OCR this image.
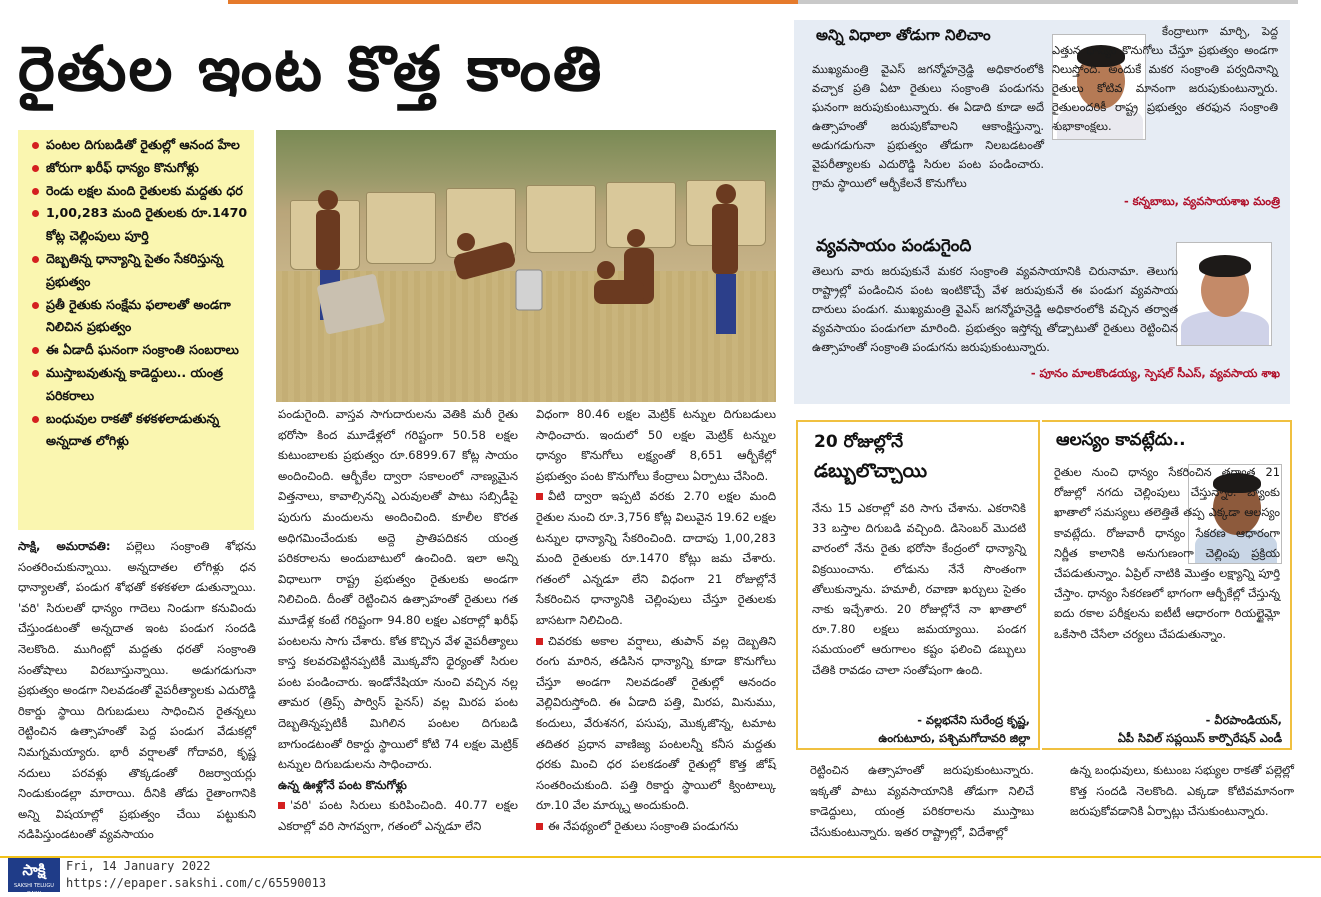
రైతుల ఇంట కొత్త కాంతి
పంటల దిగుబడితో రైతుల్లో ఆనంద హేల
జోరుగా ఖరీఫ్ ధాన్యం కొనుగోళ్లు
రెండు లక్షల మంది రైతులకు మద్దతు ధర
1,00,283 మంది రైతులకు రూ.1470 కోట్ల చెల్లింపులు పూర్తి
దెబ్బతిన్న ధాన్యాన్ని సైతం సేకరిస్తున్న ప్రభుత్వం
ప్రతీ రైతుకు సంక్షేమ ఫలాలతో అండగా నిలిచిన ప్రభుత్వం
ఈ ఏడాదీ ఘనంగా సంక్రాంతి సంబరాలు
ముస్తాబవుతున్న కాడెద్దులు.. యంత్ర పరికరాలు
బంధువుల రాకతో కళకళలాడుతున్న అన్నదాత లోగిళ్లు

సాక్షి, అమరావతి: పల్లెలు సంక్రాంతి శోభను సంతరించుకున్నాయి. అన్నదాతల లోగిళ్లు ధన ధాన్యాలతో, పండుగ శోభతో కళకళలా డుతున్నాయి. 'వరి' సిరులతో ధాన్యం గాదెలు నిండుగా కనువిందు చేస్తుండటంతో అన్నదాత ఇంట పండుగ సందడి నెలకొంది. ముగింట్లో మద్దతు ధరతో సంక్రాంతి సంతోషాలు విరబూస్తున్నాయి. అడుగడుగునా ప్రభుత్వం అండగా నిలవడంతో వైపరీత్యాలకు ఎదురొడ్డి రికార్డు స్థాయి దిగుబడులు సాధించిన రైతన్నలు రెట్టించిన ఉత్సాహంతో పెద్ద పండుగ వేడుకల్లో నిమగ్నమయ్యారు. భారీ వర్షాలతో గోదావరి, కృష్ణ నదులు పరవళ్లు తొక్కడంతో రిజర్వాయర్లు నిండుకుండల్లా మారాయి. దీనికి తోడు రైతాంగానికి అన్ని విషయాల్లో ప్రభుత్వం చేయి పట్టుకుని నడిపిస్తుండటంతో వ్యవసాయం

పండుగైంది. వాస్తవ సాగుదారులను వెతికి మరీ రైతు భరోసా కింద మూడేళ్లలో గరిష్టంగా 50.58 లక్షల కుటుంబాలకు ప్రభుత్వం రూ.6899.67 కోట్ల సాయం అందించింది. ఆర్బీకేల ద్వారా సకాలంలో నాణ్యమైన విత్తనాలు, కావాల్సినన్ని ఎరువులతో పాటు సబ్సిడీపై పురుగు మందులను అందించింది. కూలీల కొరత అధిగమించేందుకు అద్దె ప్రాతిపదికన యంత్ర పరికరాలను అందుబాటులో ఉంచింది. ఇలా అన్ని విధాలుగా రాష్ట్ర ప్రభుత్వం రైతులకు అండగా నిలిచింది. దీంతో రెట్టించిన ఉత్సాహంతో రైతులు గత మూడేళ్ల కంటే గరిష్టంగా 94.80 లక్షల ఎకరాల్లో ఖరీఫ్ పంటలను సాగు చేశారు. కోత కొచ్చిన వేళ వైపరీత్యాలు కాస్త కలవరపెట్టినప్పటికీ మొక్కవోని ధైర్యంతో సిరుల పంట పండించారు. ఇండోనేషియా నుంచి వచ్చిన నల్ల తామర (త్రిప్స్ పార్విస్ పైనస్) వల్ల మిరప పంట దెబ్బతిన్నప్పటికీ మిగిలిన పంటల దిగుబడి బాగుండటంతో రికార్డు స్థాయిలో కోటి 74 లక్షల మెట్రిక్ టన్నుల దిగుబడులను సాధించారు.

ఉన్న ఊళ్లోనే పంట కొనుగోళ్లు

'వరి' పంట సిరులు కురిపించింది. 40.77 లక్షల ఎకరాల్లో వరి సాగవ్వగా, గతంలో ఎన్నడూ లేని

విధంగా 80.46 లక్షల మెట్రిక్ టన్నుల దిగుబడులు సాధించారు. ఇందులో 50 లక్షల మెట్రిక్ టన్నుల ధాన్యం కొనుగోలు లక్ష్యంతో 8,651 ఆర్బీకేల్లో ప్రభుత్వం పంట కొనుగోలు కేంద్రాలు ఏర్పాటు చేసింది.

వీటి ద్వారా ఇప్పటి వరకు 2.70 లక్షల మంది రైతుల నుంచి రూ.3,756 కోట్ల విలువైన 19.62 లక్షల టన్నుల ధాన్యాన్ని సేకరించింది. దాదాపు 1,00,283 మంది రైతులకు రూ.1470 కోట్లు జమ చేశారు. గతంలో ఎన్నడూ లేని విధంగా 21 రోజుల్లోనే సేకరించిన ధాన్యానికి చెల్లింపులు చేస్తూ రైతులకు బాసటగా నిలిచింది.

చివరకు అకాల వర్షాలు, తుపాన్ వల్ల దెబ్బతిని రంగు మారిన, తడిసిన ధాన్యాన్ని కూడా కొనుగోలు చేస్తూ అండగా నిలవడంతో రైతుల్లో ఆనందం వెల్లివిరుస్తోంది. ఈ ఏడాది పత్తి, మిరప, మినుము, కందులు, వేరుశనగ, పసుపు, మొక్కజొన్న, టమాట తదితర ప్రధాన వాణిజ్య పంటలన్నీ కనీస మద్దతు ధరకు మించి ధర పలకడంతో రైతుల్లో కొత్త జోష్ సంతరించుకుంది. పత్తి రికార్డు స్థాయిలో క్వింటాల్కు రూ.10 వేల మార్క్ను అందుకుంది.

ఈ నేపథ్యంలో రైతులు సంక్రాంతి పండుగను

అన్ని విధాలా తోడుగా నిలిచాం

ముఖ్యమంత్రి వైఎస్ జగన్మోహన్రెడ్డి అధికారంలోకి వచ్చాక ప్రతి ఏటా రైతులు సంక్రాంతి పండుగను ఘనంగా జరుపుకుంటున్నారు. ఈ ఏడాది కూడా అదే ఉత్సాహంతో జరుపుకోవాలని ఆకాంక్షిస్తున్నా. అడుగడుగునా ప్రభుత్వం తోడుగా నిలబడటంతో వైపరీత్యాలకు ఎదురొడ్డి సిరుల పంట పండించారు. గ్రామ స్థాయిలో ఆర్బీకేలనే కొనుగోలు

కేంద్రాలుగా మార్చి, పెద్ద ఎత్తున ధాన్యం కొనుగోలు చేస్తూ ప్రభుత్వం అండగా నిలుస్తోంది. అందుకే మకర సంక్రాంతి పర్వదినాన్ని రైతులు కోటివ మానంగా జరుపుకుంటున్నారు. రైతులందరికీ రాష్ట్ర ప్రభుత్వం తరఫున సంక్రాంతి శుభాకాంక్షలు.

- కన్నబాబు, వ్యవసాయశాఖ మంత్రి

వ్యవసాయం పండుగైంది

తెలుగు వారు జరుపుకునే మకర సంక్రాంతి వ్యవసాయానికి చిరునామా. తెలుగు రాష్ట్రాల్లో పండించిన పంట ఇంటికొచ్చే వేళ జరుపుకునే ఈ పండుగ వ్యవసాయ దారులు పండుగ. ముఖ్యమంత్రి వైఎస్ జగన్మోహన్రెడ్డి అధికారంలోకి వచ్చిన తర్వాత వ్యవసాయం పండుగలా మారింది. ప్రభుత్వం ఇస్తోన్న తోడ్పాటుతో రైతులు రెట్టించిన ఉత్సాహంతో సంక్రాంతి పండుగను జరుపుకుంటున్నారు.

- పూనం మాలకొండయ్య, స్పెషల్ సీఎస్, వ్యవసాయ శాఖ

20 రోజుల్లోనే
డబ్బులొచ్చాయి

నేను 15 ఎకరాల్లో వరి సాగు చేశాను. ఎకరానికి 33 బస్తాల దిగుబడి వచ్చింది. డిసెంబర్ మొదటి వారంలో నేను రైతు భరోసా కేంద్రంలో ధాన్యాన్ని విక్రయించాను. లోడును నేనే సొంతంగా తోలుకున్నాను. హమాలీ, రవాణా ఖర్చులు సైతం నాకు ఇచ్చేశారు. 20 రోజుల్లోనే నా ఖాతాలో రూ.7.80 లక్షలు జమయ్యాయి. పండగ సమయంలో ఆరుగాలం కష్టం ఫలించి డబ్బులు చేతికి రావడం చాలా సంతోషంగా ఉంది.

- వల్లభనేని సురేంద్ర కృష్ణ,

ఉంగుటూరు, పశ్చిమగోదావరి జిల్లా

ఆలస్యం కావట్లేదు..

రైతుల నుంచి ధాన్యం సేకరించిన తర్వాత 21 రోజుల్లో నగదు చెల్లింపులు చేస్తున్నాం. బ్యాంకు ఖాతాలో సమస్యలు తలెత్తితే తప్ప ఎక్కడా ఆలస్యం కావట్లేదు. రోజువారీ ధాన్యం సేకరణ ఆధారంగా నిర్ణీత కాలానికి అనుగుణంగా చెల్లింపు ప్రక్రియ చేపడుతున్నాం. ఏప్రిల్ నాటికి మొత్తం లక్ష్యాన్ని పూర్తి చేస్తాం. ధాన్యం సేకరణలో భాగంగా ఆర్బీకేల్లో చేస్తున్న ఐదు రకాల పరీక్షలను ఐటీటీ ఆధారంగా రియల్టైమ్లో ఒకేసారి చేసేలా చర్యలు చేపడుతున్నాం.

- వీరపాండియన్,

ఏపీ సివిల్ సప్లయిస్ కార్పొరేషన్ ఎండీ

రెట్టించిన ఉత్సాహంతో జరుపుకుంటున్నారు. ఇక్కతో పాటు వ్యవసాయానికి తోడుగా నిలిచే కాడెద్దులు, యంత్ర పరికరాలను ముస్తాబు చేసుకుంటున్నారు. ఇతర రాష్ట్రాల్లో, విదేశాల్లో

ఉన్న బంధువులు, కుటుంబ సభ్యుల రాకతో పల్లెల్లో కొత్త సందడి నెలకొంది. ఎక్కడా కోటివమానంగా జరుపుకోవడానికి ఏర్పాట్లు చేసుకుంటున్నారు.

సాక్షి
SAKSHI TELUGU DAILY
Fri, 14 January 2022
https://epaper.sakshi.com/c/65590013
